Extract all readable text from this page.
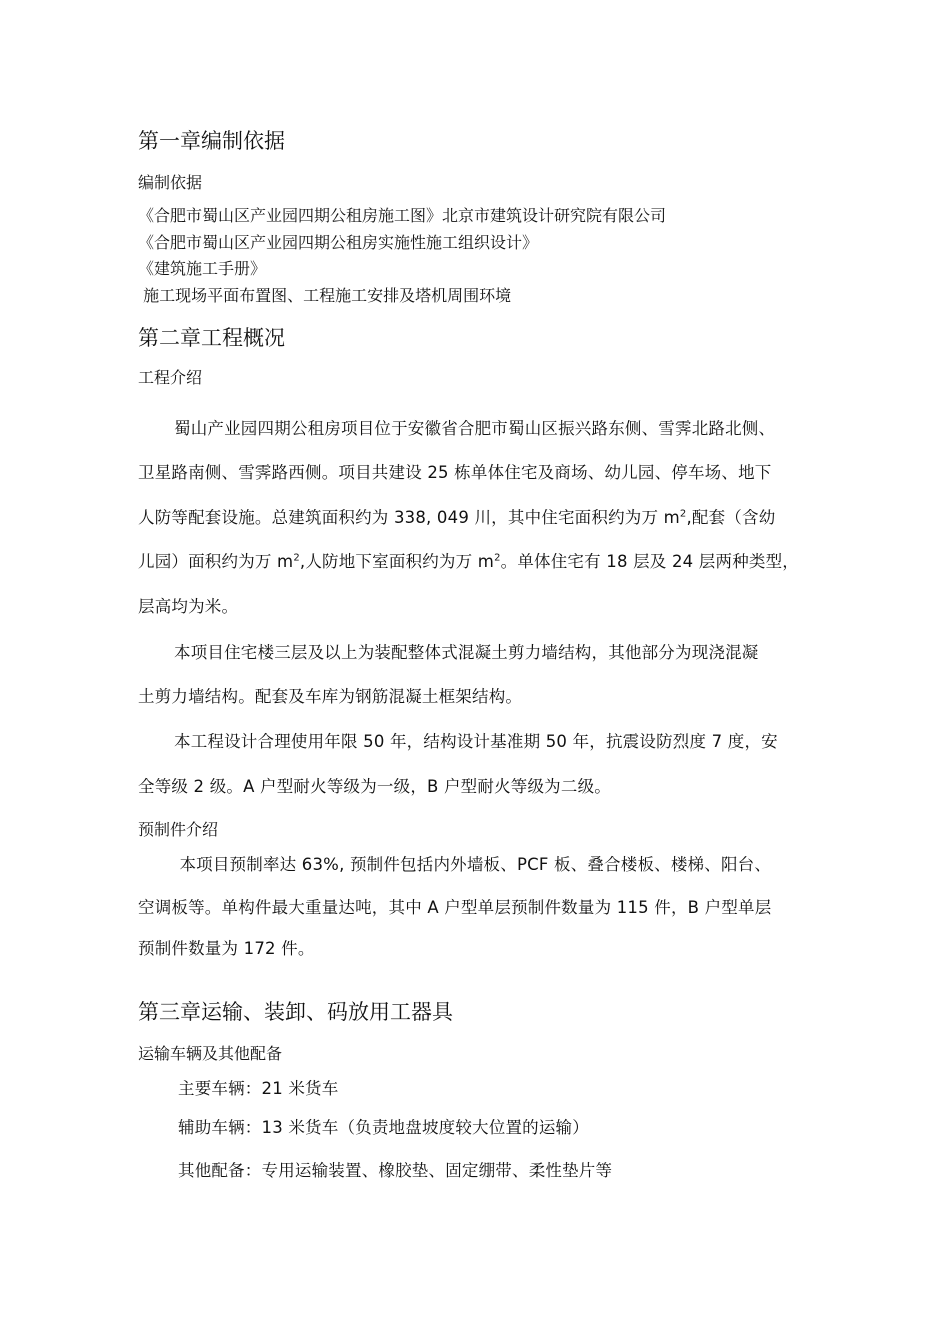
第一章编制依据
编制依据
《合肥市蜀山区产业园四期公租房施工图》北京市建筑设计研究院有限公司
《合肥市蜀山区产业园四期公租房实施性施工组织设计》
《建筑施工手册》
施工现场平面布置图、工程施工安排及塔机周围环境
第二章工程概况
工程介绍
蜀山产业园四期公租房项目位于安徽省合肥市蜀山区振兴路东侧、雪霁北路北侧、
卫星路南侧、雪霁路西侧。项目共建设 25 栋单体住宅及商场、幼儿园、停车场、地下
人防等配套设施。总建筑面积约为 338, 049 川，其中住宅面积约为万 $m^2$,配套（含幼
儿园）面积约为万 $m^2$,人防地下室面积约为万 $m^2$。单体住宅有 18 层及 24 层两种类型，
层高均为米。
本项目住宅楼三层及以上为装配整体式混凝土剪力墙结构，其他部分为现浇混凝
土剪力墙结构。配套及车库为钢筋混凝土框架结构。
本工程设计合理使用年限 50 年，结构设计基准期 50 年，抗震设防烈度 7 度，安
全等级 2 级。A 户型耐火等级为一级，B 户型耐火等级为二级。
预制件介绍
本项目预制率达 63%, 预制件包括内外墙板、PCF 板、叠合楼板、楼梯、阳台、
空调板等。单构件最大重量达吨，其中 A 户型单层预制件数量为 115 件，B 户型单层
预制件数量为 172 件。
第三章运输、装卸、码放用工器具
运输车辆及其他配备
主要车辆：21 米货车
辅助车辆：13 米货车（负责地盘坡度较大位置的运输）
其他配备：专用运输装置、橡胶垫、固定绷带、柔性垫片等
